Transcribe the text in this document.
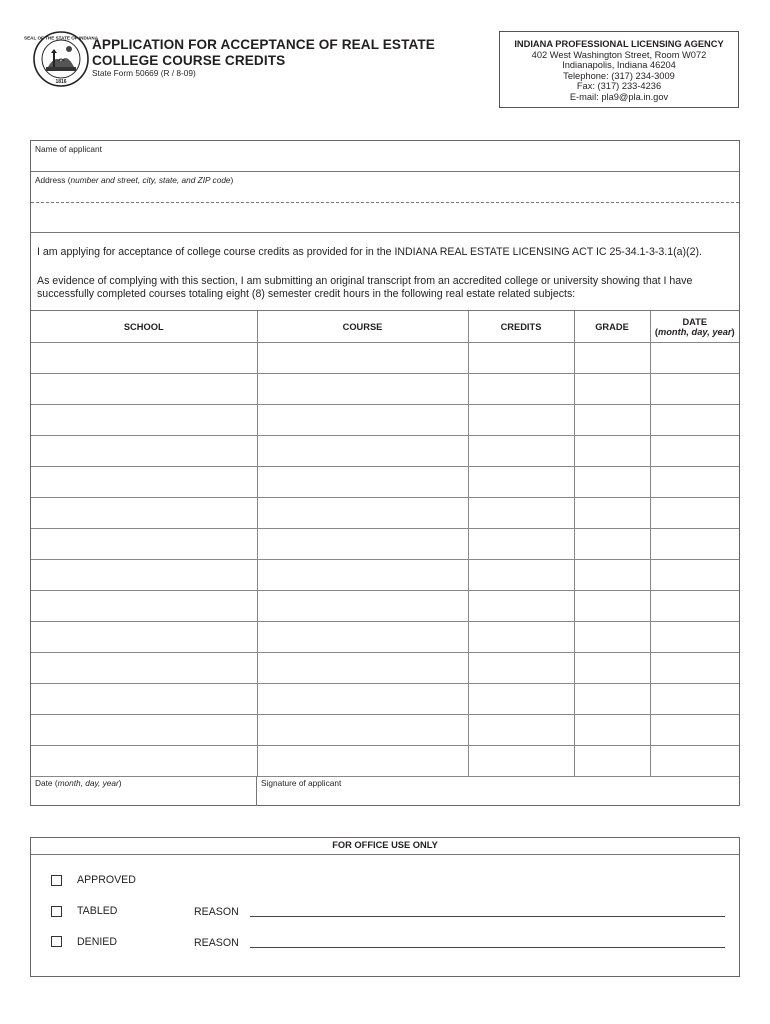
SEAL OF THE STATE OF INDIANA
1816
APPLICATION FOR ACCEPTANCE OF REAL ESTATE
COLLEGE COURSE CREDITS
State Form 50669 (R / 8-09)
INDIANA PROFESSIONAL LICENSING AGENCY
402 West Washington Street, Room W072
Indianapolis, Indiana 46204
Telephone: (317) 234-3009
Fax: (317) 233-4236
E-mail: pla9@pla.in.gov
Name of applicant
Address (number and street, city, state, and ZIP code)
I am applying for acceptance of college course credits as provided for in the INDIANA REAL ESTATE LICENSING ACT IC 25-34.1-3-3.1(a)(2).
As evidence of complying with this section, I am submitting an original transcript from an accredited college or university showing that I have successfully completed courses totaling eight (8) semester credit hours in the following real estate related subjects:
SCHOOL	COURSE	CREDITS	GRADE	DATE
(month, day, year)

Date (month, day, year)	Signature of applicant
FOR OFFICE USE ONLY
APPROVED
TABLED	REASON
DENIED	REASON
